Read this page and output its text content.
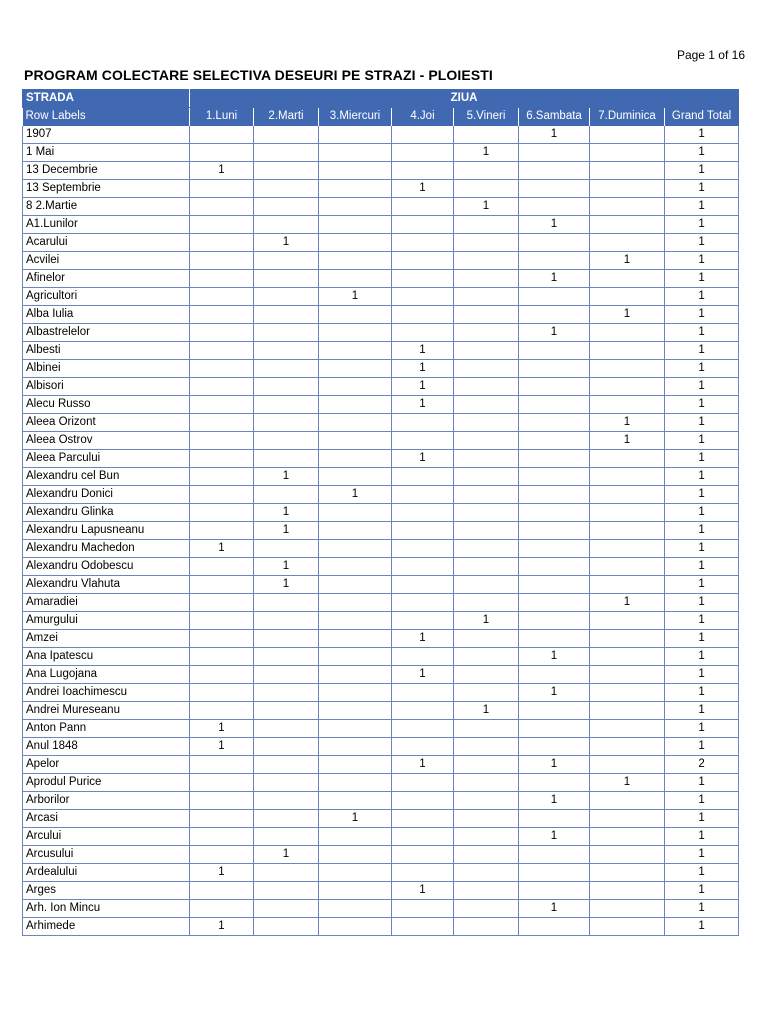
Page 1 of 16
PROGRAM COLECTARE SELECTIVA DESEURI PE STRAZI - PLOIESTI
STRADA	ZIUA							
Row Labels	1.Luni	2.Marti	3.Miercuri	4.Joi	5.Vineri	6.Sambata	7.Duminica	Grand Total
1907						1		1
1 Mai					1			1
13 Decembrie	1							1
13 Septembrie				1				1
8 2.Martie					1			1
A1.Lunilor						1		1
Acarului		1						1
Acvilei							1	1
Afinelor						1		1
Agricultori			1					1
Alba Iulia							1	1
Albastrelelor						1		1
Albesti				1				1
Albinei				1				1
Albisori				1				1
Alecu Russo				1				1
Aleea Orizont							1	1
Aleea Ostrov							1	1
Aleea Parcului				1				1
Alexandru cel Bun		1						1
Alexandru Donici			1					1
Alexandru Glinka		1						1
Alexandru Lapusneanu		1						1
Alexandru Machedon	1							1
Alexandru Odobescu		1						1
Alexandru Vlahuta		1						1
Amaradiei							1	1
Amurgului					1			1
Amzei				1				1
Ana Ipatescu						1		1
Ana Lugojana				1				1
Andrei Ioachimescu						1		1
Andrei Mureseanu					1			1
Anton Pann	1							1
Anul 1848	1							1
Apelor				1		1		2
Aprodul Purice							1	1
Arborilor						1		1
Arcasi			1					1
Arcului						1		1
Arcusului		1						1
Ardealului	1							1
Arges				1				1
Arh. Ion Mincu						1		1
Arhimede	1							1
